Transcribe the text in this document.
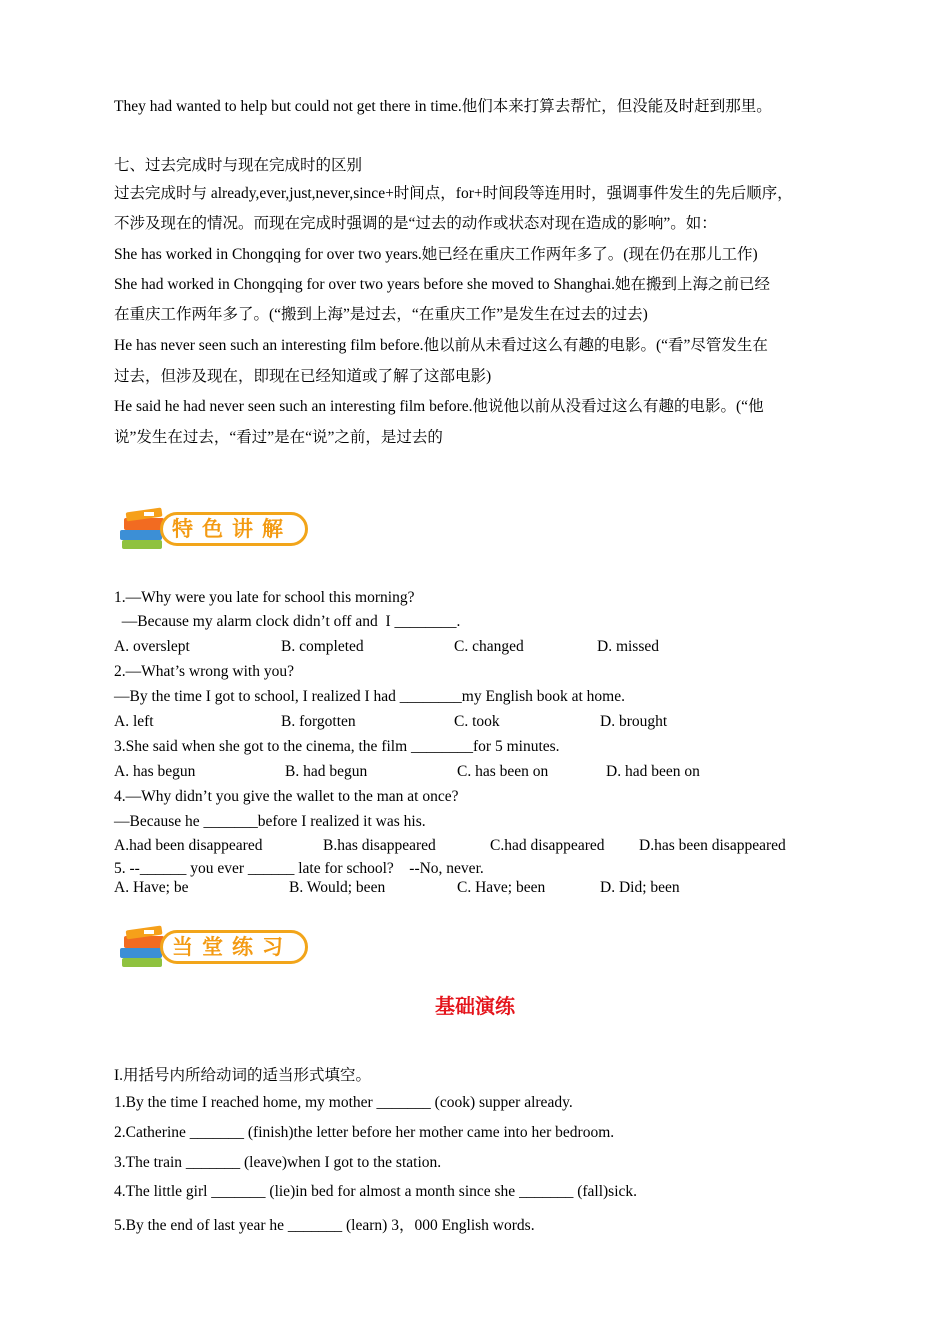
They had wanted to help but could not get there in time.他们本来打算去帮忙，但没能及时赶到那里。
七、过去完成时与现在完成时的区别
过去完成时与 already,ever,just,never,since+时间点，for+时间段等连用时，强调事件发生的先后顺序，
不涉及现在的情况。而现在完成时强调的是“过去的动作或状态对现在造成的影响”。如：
She has worked in Chongqing for over two years.她已经在重庆工作两年多了。(现在仍在那儿工作)
She had worked in Chongqing for over two years before she moved to Shanghai.她在搬到上海之前已经
在重庆工作两年多了。(“搬到上海”是过去，“在重庆工作”是发生在过去的过去)
He has never seen such an interesting film before.他以前从未看过这么有趣的电影。(“看”尽管发生在
过去，但涉及现在，即现在已经知道或了解了这部电影)
He said he had never seen such an interesting film before.他说他以前从没看过这么有趣的电影。(“他
说”发生在过去，“看过”是在“说”之前，是过去的
特色讲解
1.—Why were you late for school this morning?
—Because my alarm clock didn’t off and  I ________.
A. overslept	B. completed	C. changed	D. missed
2.—What’s wrong with you?
—By the time I got to school, I realized I had ________my English book at home.
A. left	B. forgotten	C. took	D. brought
3.She said when she got to the cinema, the film ________for 5 minutes.
A. has begun	B. had begun	C. has been on	D. had been on
4.—Why didn’t you give the wallet to the man at once?
—Because he _______before I realized it was his.
A.had been disappeared	B.has disappeared	C.had disappeared D.has been disappeared
5. --______ you ever ______ late for school?    --No, never.
A. Have; be	B. Would; been	C. Have; been	D. Did; been
当堂练习
基础演练
I.用括号内所给动词的适当形式填空。
1.By the time I reached home, my mother _______ (cook) supper already.
2.Catherine _______ (finish)the letter before her mother came into her bedroom.
3.The train _______ (leave)when I got to the station.
4.The little girl _______ (lie)in bed for almost a month since she _______ (fall)sick.
5.By the end of last year he _______ (learn) 3，000 English words.
